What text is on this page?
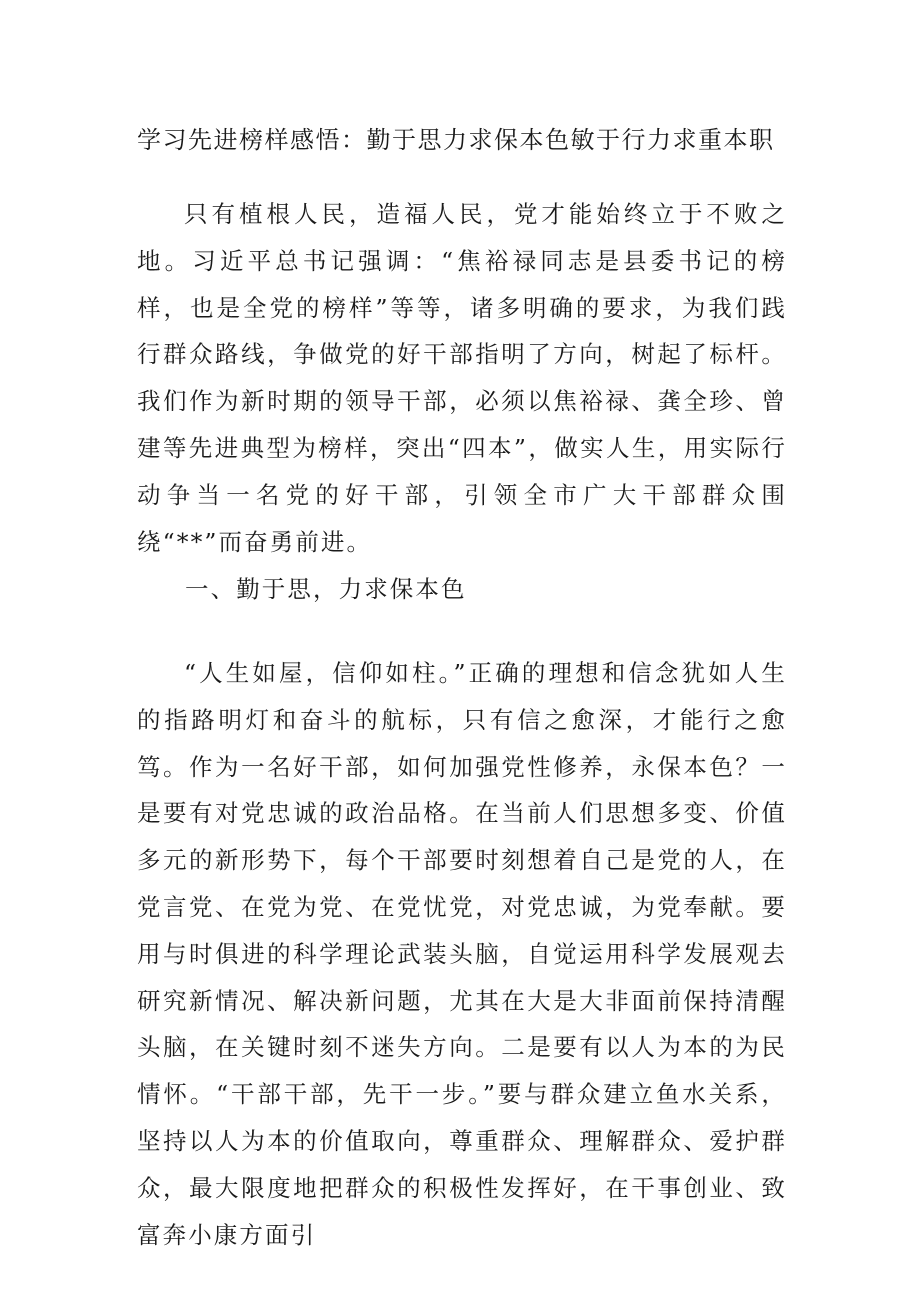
学习先进榜样感悟：勤于思力求保本色敏于行力求重本职

只有植根人民，造福人民，党才能始终立于不败之地。习近平总书记强调：“焦裕禄同志是县委书记的榜样，也是全党的榜样”等等，诸多明确的要求，为我们践行群众路线，争做党的好干部指明了方向，树起了标杆。我们作为新时期的领导干部，必须以焦裕禄、龚全珍、曾建等先进典型为榜样，突出“四本”，做实人生，用实际行动争当一名党的好干部，引领全市广大干部群众围绕“**”而奋勇前进。

一、勤于思，力求保本色

“人生如屋，信仰如柱。”正确的理想和信念犹如人生的指路明灯和奋斗的航标，只有信之愈深，才能行之愈笃。作为一名好干部，如何加强党性修养，永保本色？一是要有对党忠诚的政治品格。在当前人们思想多变、价值多元的新形势下，每个干部要时刻想着自己是党的人，在党言党、在党为党、在党忧党，对党忠诚，为党奉献。要用与时俱进的科学理论武装头脑，自觉运用科学发展观去研究新情况、解决新问题，尤其在大是大非面前保持清醒头脑，在关键时刻不迷失方向。二是要有以人为本的为民情怀。“干部干部，先干一步。”要与群众建立鱼水关系，坚持以人为本的价值取向，尊重群众、理解群众、爱护群众，最大限度地把群众的积极性发挥好，在干事创业、致富奔小康方面引
